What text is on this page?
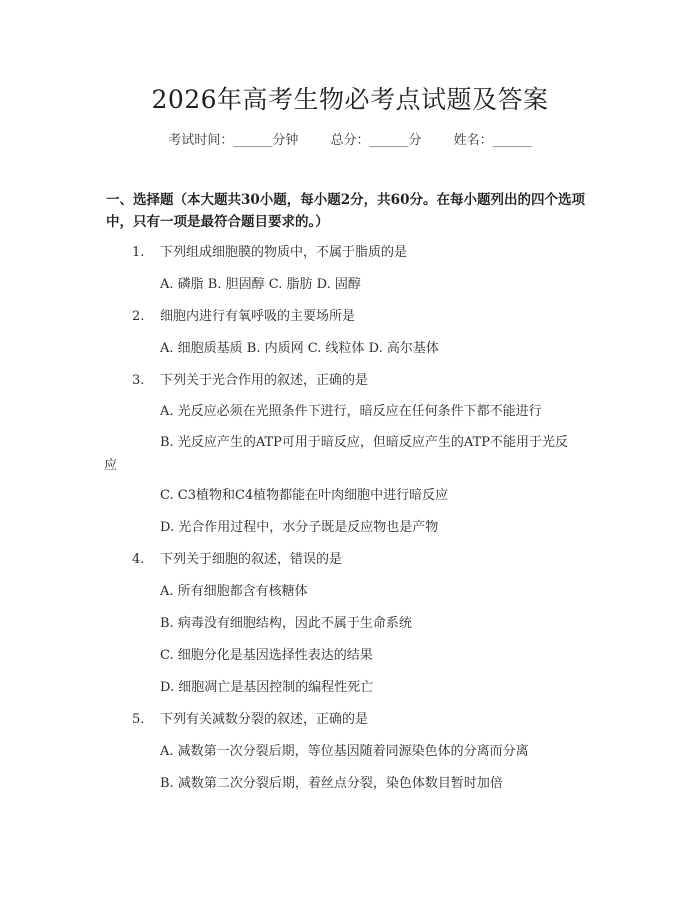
2026年高考生物必考点试题及答案
考试时间：______分钟 总分：______分 姓名：______
一、选择题（本大题共30小题，每小题2分，共60分。在每小题列出的四个选项中，只有一项是最符合题目要求的。）
1. 下列组成细胞膜的物质中，不属于脂质的是
A. 磷脂 B. 胆固醇 C. 脂肪 D. 固醇
2. 细胞内进行有氧呼吸的主要场所是
A. 细胞质基质 B. 内质网 C. 线粒体 D. 高尔基体
3. 下列关于光合作用的叙述，正确的是
A. 光反应必须在光照条件下进行，暗反应在任何条件下都不能进行
B. 光反应产生的ATP可用于暗反应，但暗反应产生的ATP不能用于光反
应
C. C3植物和C4植物都能在叶肉细胞中进行暗反应
D. 光合作用过程中，水分子既是反应物也是产物
4. 下列关于细胞的叙述，错误的是
A. 所有细胞都含有核糖体
B. 病毒没有细胞结构，因此不属于生命系统
C. 细胞分化是基因选择性表达的结果
D. 细胞凋亡是基因控制的编程性死亡
5. 下列有关减数分裂的叙述，正确的是
A. 减数第一次分裂后期，等位基因随着同源染色体的分离而分离
B. 减数第二次分裂后期，着丝点分裂，染色体数目暂时加倍
